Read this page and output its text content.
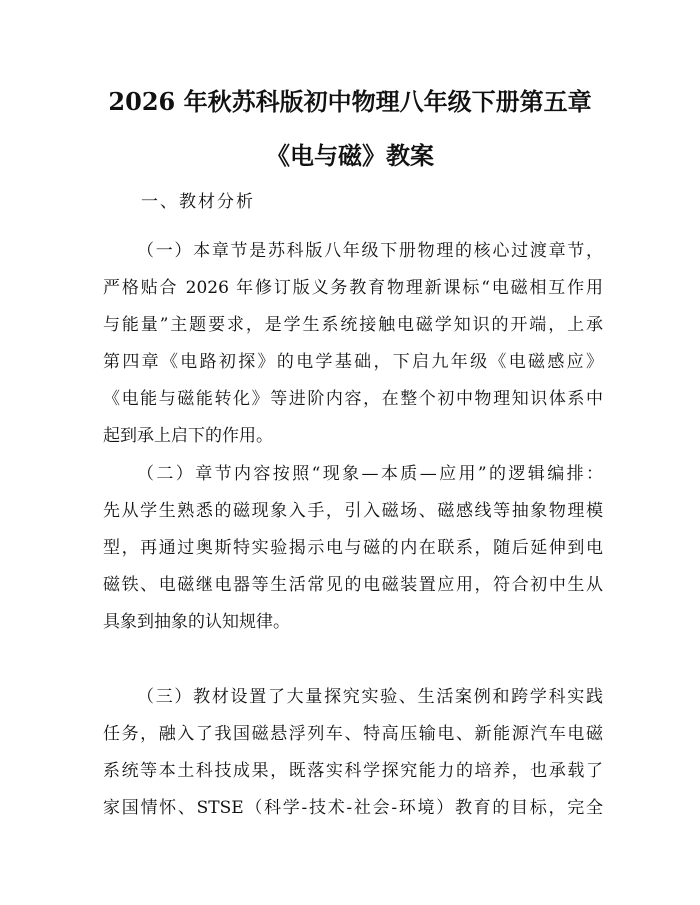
2026 年秋苏科版初中物理八年级下册第五章
《电与磁》教案
一、教材分析
（一）本章节是苏科版八年级下册物理的核心过渡章节，
严格贴合 2026 年修订版义务教育物理新课标“电磁相互作用
与能量”主题要求，是学生系统接触电磁学知识的开端，上承
第四章《电路初探》的电学基础，下启九年级《电磁感应》
《电能与磁能转化》等进阶内容，在整个初中物理知识体系中
起到承上启下的作用。
（二）章节内容按照“现象—本质—应用”的逻辑编排：
先从学生熟悉的磁现象入手，引入磁场、磁感线等抽象物理模
型，再通过奥斯特实验揭示电与磁的内在联系，随后延伸到电
磁铁、电磁继电器等生活常见的电磁装置应用，符合初中生从
具象到抽象的认知规律。
（三）教材设置了大量探究实验、生活案例和跨学科实践
任务，融入了我国磁悬浮列车、特高压输电、新能源汽车电磁
系统等本土科技成果，既落实科学探究能力的培养，也承载了
家国情怀、STSE（科学-技术-社会-环境）教育的目标，完全
